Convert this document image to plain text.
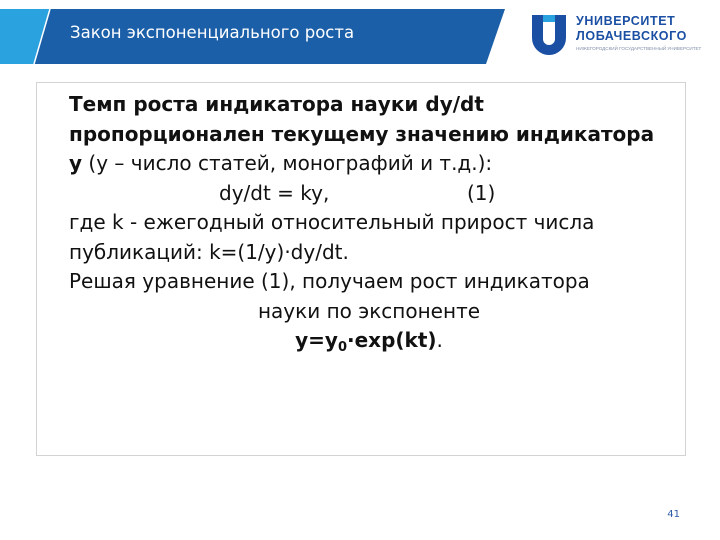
Закон экспоненциального роста
УНИВЕРСИТЕТ
ЛОБАЧЕВСКОГО
НИЖЕГОРОДСКИЙ ГОСУДАРСТВЕННЫЙ УНИВЕРСИТЕТ

Темп роста индикатора науки dy/dt пропорционален текущему значению индикатора y (y – число статей, монографий и т.д.):

dy/dt = ky,	(1)

где k - ежегодный относительный прирост числа публикаций: k=(1/y)·dy/dt.

Решая уравнение (1), получаем рост индикатора

науки по экспоненте

$y=y_0\cdot\exp(kt)$.

41
